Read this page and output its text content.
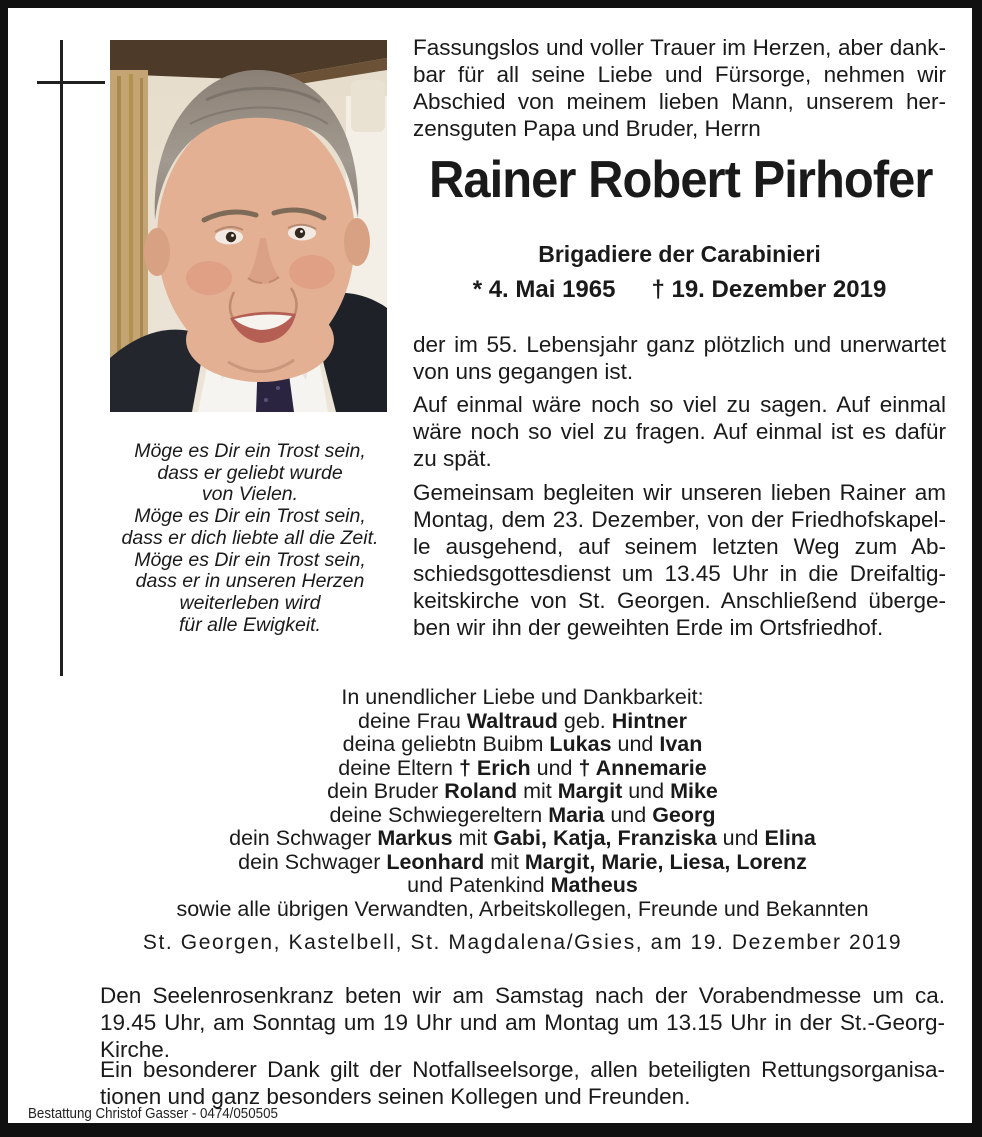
Fassungslos und voller Trauer im Herzen, aber dankbar für all seine Liebe und Fürsorge, nehmen wir Abschied von meinem lieben Mann, unserem herzensguten Papa und Bruder, Herrn

Rainer Robert Pirhofer
Brigadiere der Carabinieri
* 4. Mai 1965 † 19. Dezember 2019

der im 55. Lebensjahr ganz plötzlich und unerwartet von uns gegangen ist.

Auf einmal wäre noch so viel zu sagen. Auf einmal wäre noch so viel zu fragen. Auf einmal ist es dafür zu spät.

Gemeinsam begleiten wir unseren lieben Rainer am Montag, dem 23. Dezember, von der Friedhofskapelle ausgehend, auf seinem letzten Weg zum Abschiedsgottesdienst um 13.45 Uhr in die Dreifaltigkeitskirche von St. Georgen. Anschließend übergeben wir ihn der geweihten Erde im Ortsfriedhof.

Möge es Dir ein Trost sein,
dass er geliebt wurde
von Vielen.
Möge es Dir ein Trost sein,
dass er dich liebte all die Zeit.
Möge es Dir ein Trost sein,
dass er in unseren Herzen
weiterleben wird
für alle Ewigkeit.
In unendlicher Liebe und Dankbarkeit:
deine Frau Waltraud geb. Hintner
deina geliebtn Buibm Lukas und Ivan
deine Eltern † Erich und † Annemarie
dein Bruder Roland mit Margit und Mike
deine Schwiegereltern Maria und Georg
dein Schwager Markus mit Gabi, Katja, Franziska und Elina
dein Schwager Leonhard mit Margit, Marie, Liesa, Lorenz
und Patenkind Matheus
sowie alle übrigen Verwandten, Arbeitskollegen, Freunde und Bekannten
St. Georgen, Kastelbell, St. Magdalena/Gsies, am 19. Dezember 2019

Den Seelenrosenkranz beten wir am Samstag nach der Vorabendmesse um ca. 19.45 Uhr, am Sonntag um 19 Uhr und am Montag um 13.15 Uhr in der St.-Georg-Kirche.

Ein besonderer Dank gilt der Notfallseelsorge, allen beteiligten Rettungsorganisationen und ganz besonders seinen Kollegen und Freunden.

Bestattung Christof Gasser - 0474/050505
